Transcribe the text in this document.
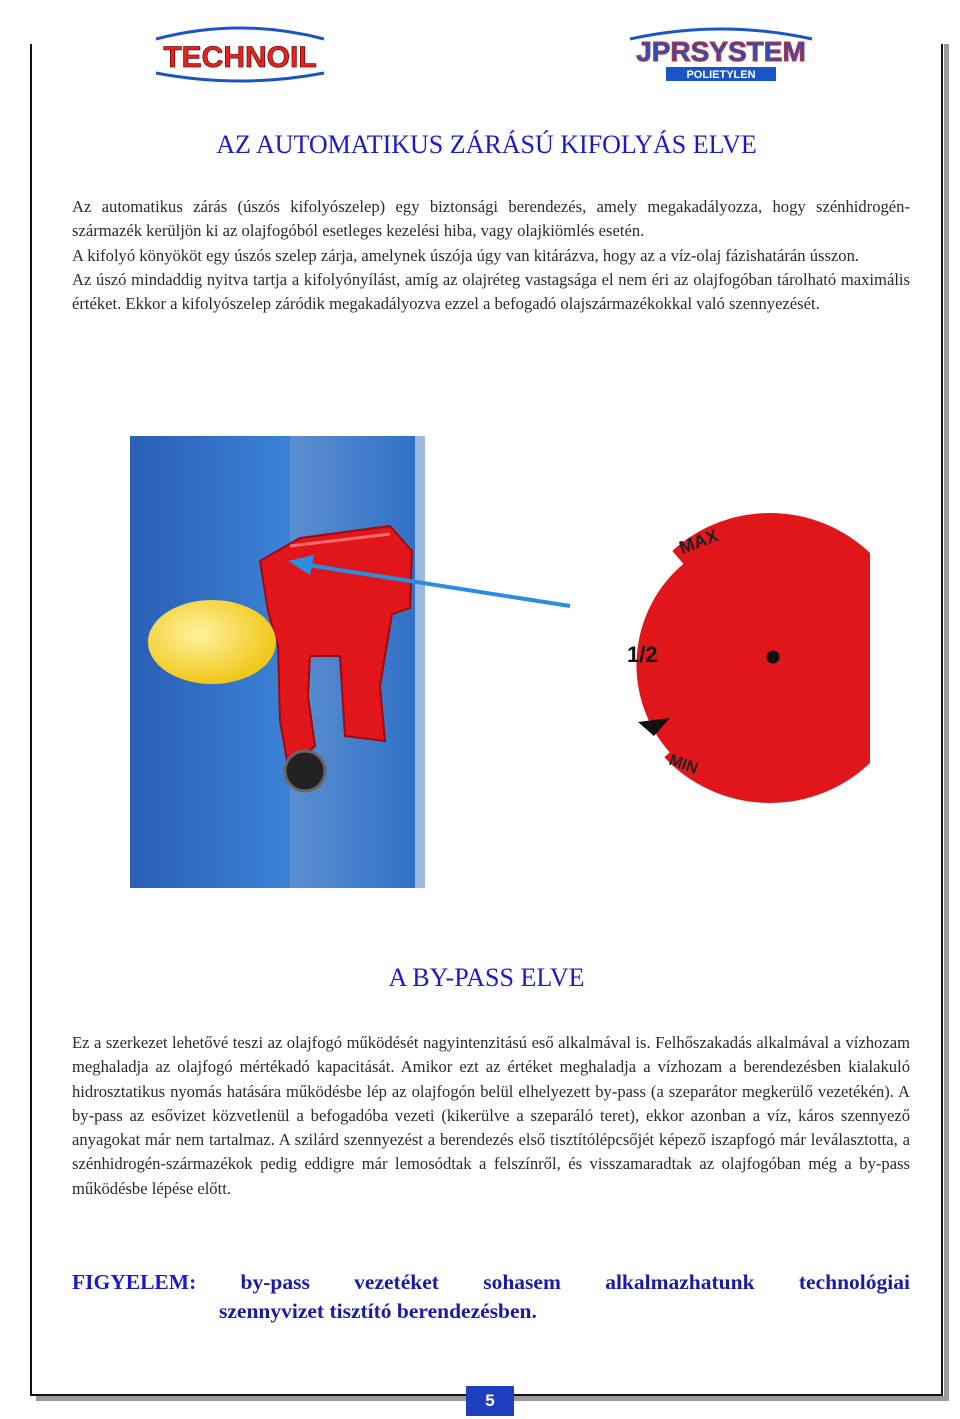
TECHNOIL	JPRSYSTEM
POLIETYLEN
AZ AUTOMATIKUS ZÁRÁSÚ KIFOLYÁS ELVE

Az automatikus zárás (úszós kifolyószelep) egy biztonsági berendezés, amely megakadályozza, hogy szénhidrogén-származék kerüljön ki az olajfogóból esetleges kezelési hiba, vagy olajkiömlés esetén.

A kifolyó könyököt egy úszós szelep zárja, amelynek úszója úgy van kitárázva, hogy az a víz-olaj fázishatárán ússzon.

Az úszó mindaddig nyitva tartja a kifolyónyílást, amíg az olajréteg vastagsága el nem éri az olajfogóban tárolható maximális értéket. Ekkor a kifolyószelep záródik megakadályozva ezzel a befogadó olajszármazékokkal való szennyezését.

MAX
1/2
MIN
A BY-PASS ELVE

Ez a szerkezet lehetővé teszi az olajfogó működését nagyintenzitású eső alkalmával is. Felhőszakadás alkalmával a vízhozam meghaladja az olajfogó mértékadó kapacitását. Amikor ezt az értéket meghaladja a vízhozam a berendezésben kialakuló hidrosztatikus nyomás hatására működésbe lép az olajfogón belül elhelyezett by-pass (a szeparátor megkerülő vezetékén). A by-pass az esővizet közvetlenül a befogadóba vezeti (kikerülve a szeparáló teret), ekkor azonban a víz, káros szennyező anyagokat már nem tartalmaz. A szilárd szennyezést a berendezés első tisztítólépcsőjét képező iszapfogó már leválasztotta, a szénhidrogén-származékok pedig eddigre már lemosódtak a felszínről, és visszamaradtak az olajfogóban még a by-pass működésbe lépése előtt.

FIGYELEM: by-pass vezetéket sohasem alkalmazhatunk technológiai
szennyvizet tisztító berendezésben.
5
